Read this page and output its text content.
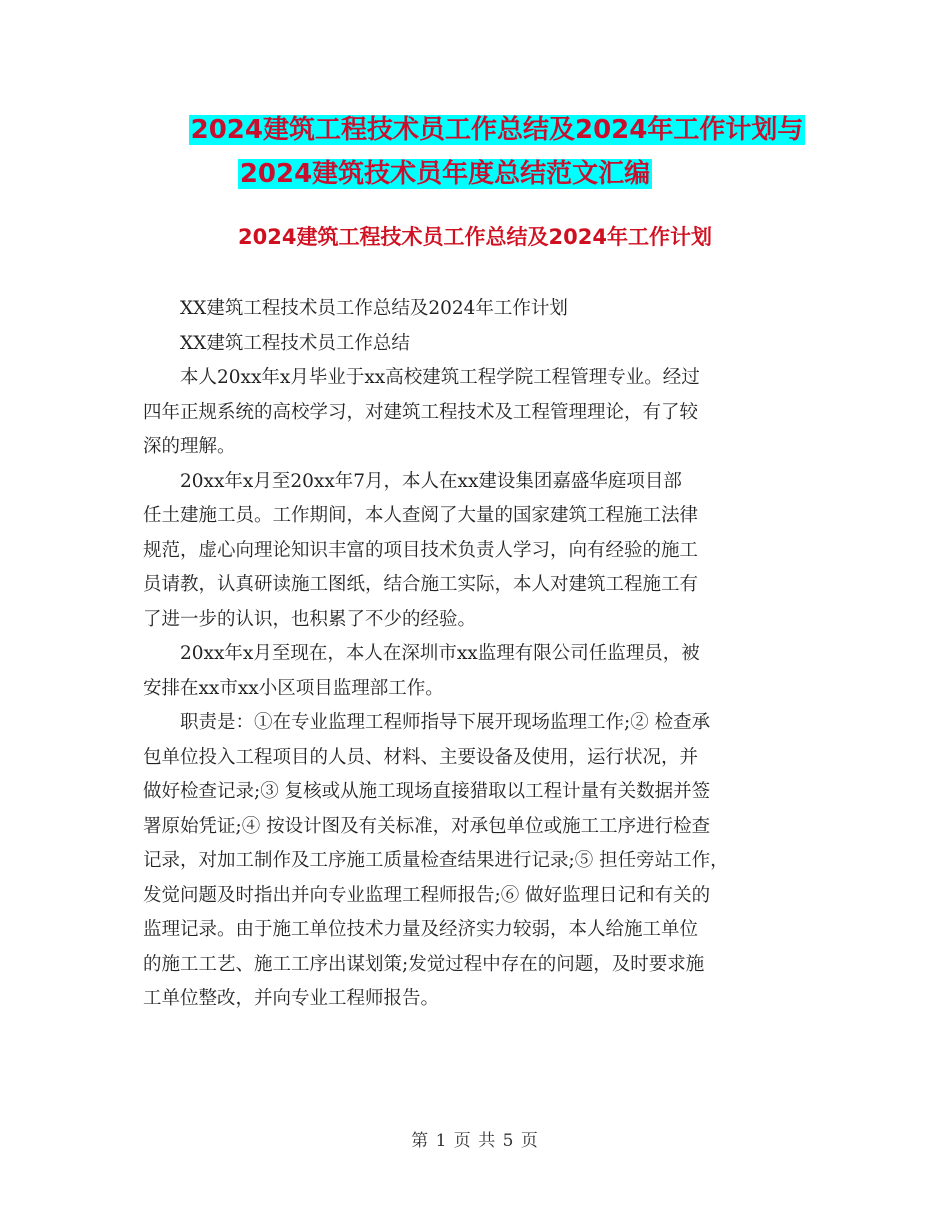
2024建筑工程技术员工作总结及2024年工作计划与
2024建筑技术员年度总结范文汇编
2024建筑工程技术员工作总结及2024年工作计划
　　XX建筑工程技术员工作总结及2024年工作计划
　　XX建筑工程技术员工作总结
　　本人20xx年x月毕业于xx高校建筑工程学院工程管理专业。经过
四年正规系统的高校学习，对建筑工程技术及工程管理理论，有了较
深的理解。
　　20xx年x月至20xx年7月，本人在xx建设集团嘉盛华庭项目部
任土建施工员。工作期间，本人查阅了大量的国家建筑工程施工法律
规范，虚心向理论知识丰富的项目技术负责人学习，向有经验的施工
员请教，认真研读施工图纸，结合施工实际，本人对建筑工程施工有
了进一步的认识，也积累了不少的经验。
　　20xx年x月至现在，本人在深圳市xx监理有限公司任监理员，被
安排在xx市xx小区项目监理部工作。
　　职责是：①在专业监理工程师指导下展开现场监理工作;② 检查承
包单位投入工程项目的人员、材料、主要设备及使用，运行状况，并
做好检查记录;③ 复核或从施工现场直接猎取以工程计量有关数据并签
署原始凭证;④ 按设计图及有关标准，对承包单位或施工工序进行检查
记录，对加工制作及工序施工质量检查结果进行记录;⑤ 担任旁站工作，
发觉问题及时指出并向专业监理工程师报告;⑥ 做好监理日记和有关的
监理记录。由于施工单位技术力量及经济实力较弱，本人给施工单位
的施工工艺、施工工序出谋划策;发觉过程中存在的问题，及时要求施
工单位整改，并向专业工程师报告。
第 1 页 共 5 页
